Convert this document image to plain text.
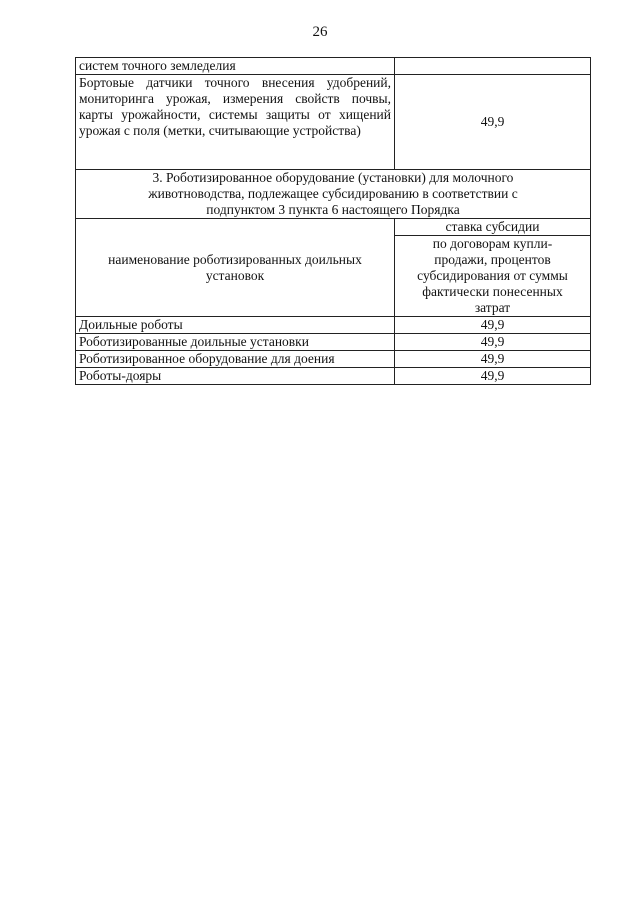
26
систем точного земледелия	
Бортовые датчики точного внесения удобрений, мониторинга урожая, измерения свойств почвы, карты урожайности, системы защиты от хищений урожая с поля (метки, считывающие устройства)	49,9
3. Роботизированное оборудование (установки) для молочного животноводства, подлежащее субсидированию в соответствии с подпунктом 3 пункта 6 настоящего Порядка	
наименование роботизированных доильных установок	ставка субсидии
	по договорам купли-продажи, процентов субсидирования от суммы фактически понесенных затрат
Доильные роботы	49,9
Роботизированные доильные установки	49,9
Роботизированное оборудование для доения	49,9
Роботы-дояры	49,9
